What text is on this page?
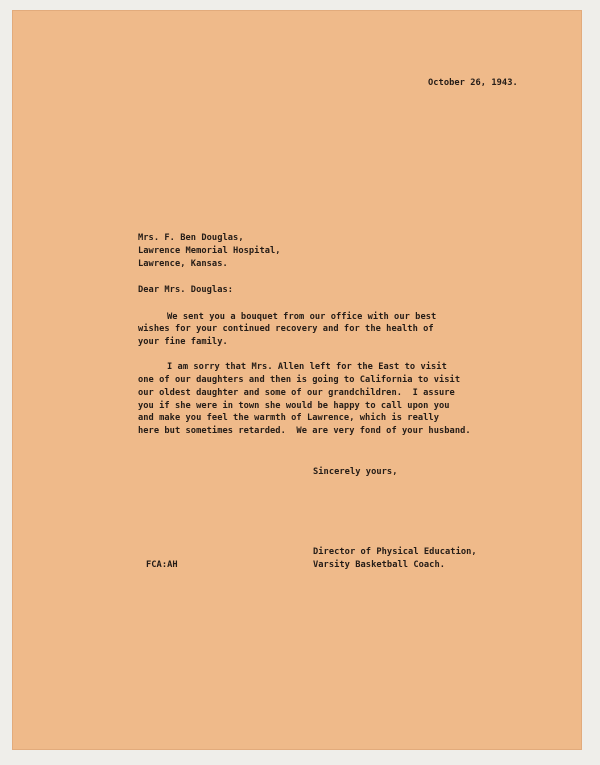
October 26, 1943.

Mrs. F. Ben Douglas,

Lawrence Memorial Hospital,

Lawrence, Kansas.

Dear Mrs. Douglas:

We sent you a bouquet from our office with our best

wishes for your continued recovery and for the health of

your fine family.

I am sorry that Mrs. Allen left for the East to visit

one of our daughters and then is going to California to visit

our oldest daughter and some of our grandchildren.  I assure

you if she were in town she would be happy to call upon you

and make you feel the warmth of Lawrence, which is really

here but sometimes retarded.  We are very fond of your husband.

Sincerely yours,

FCA:AH

Director of Physical Education,

Varsity Basketball Coach.
